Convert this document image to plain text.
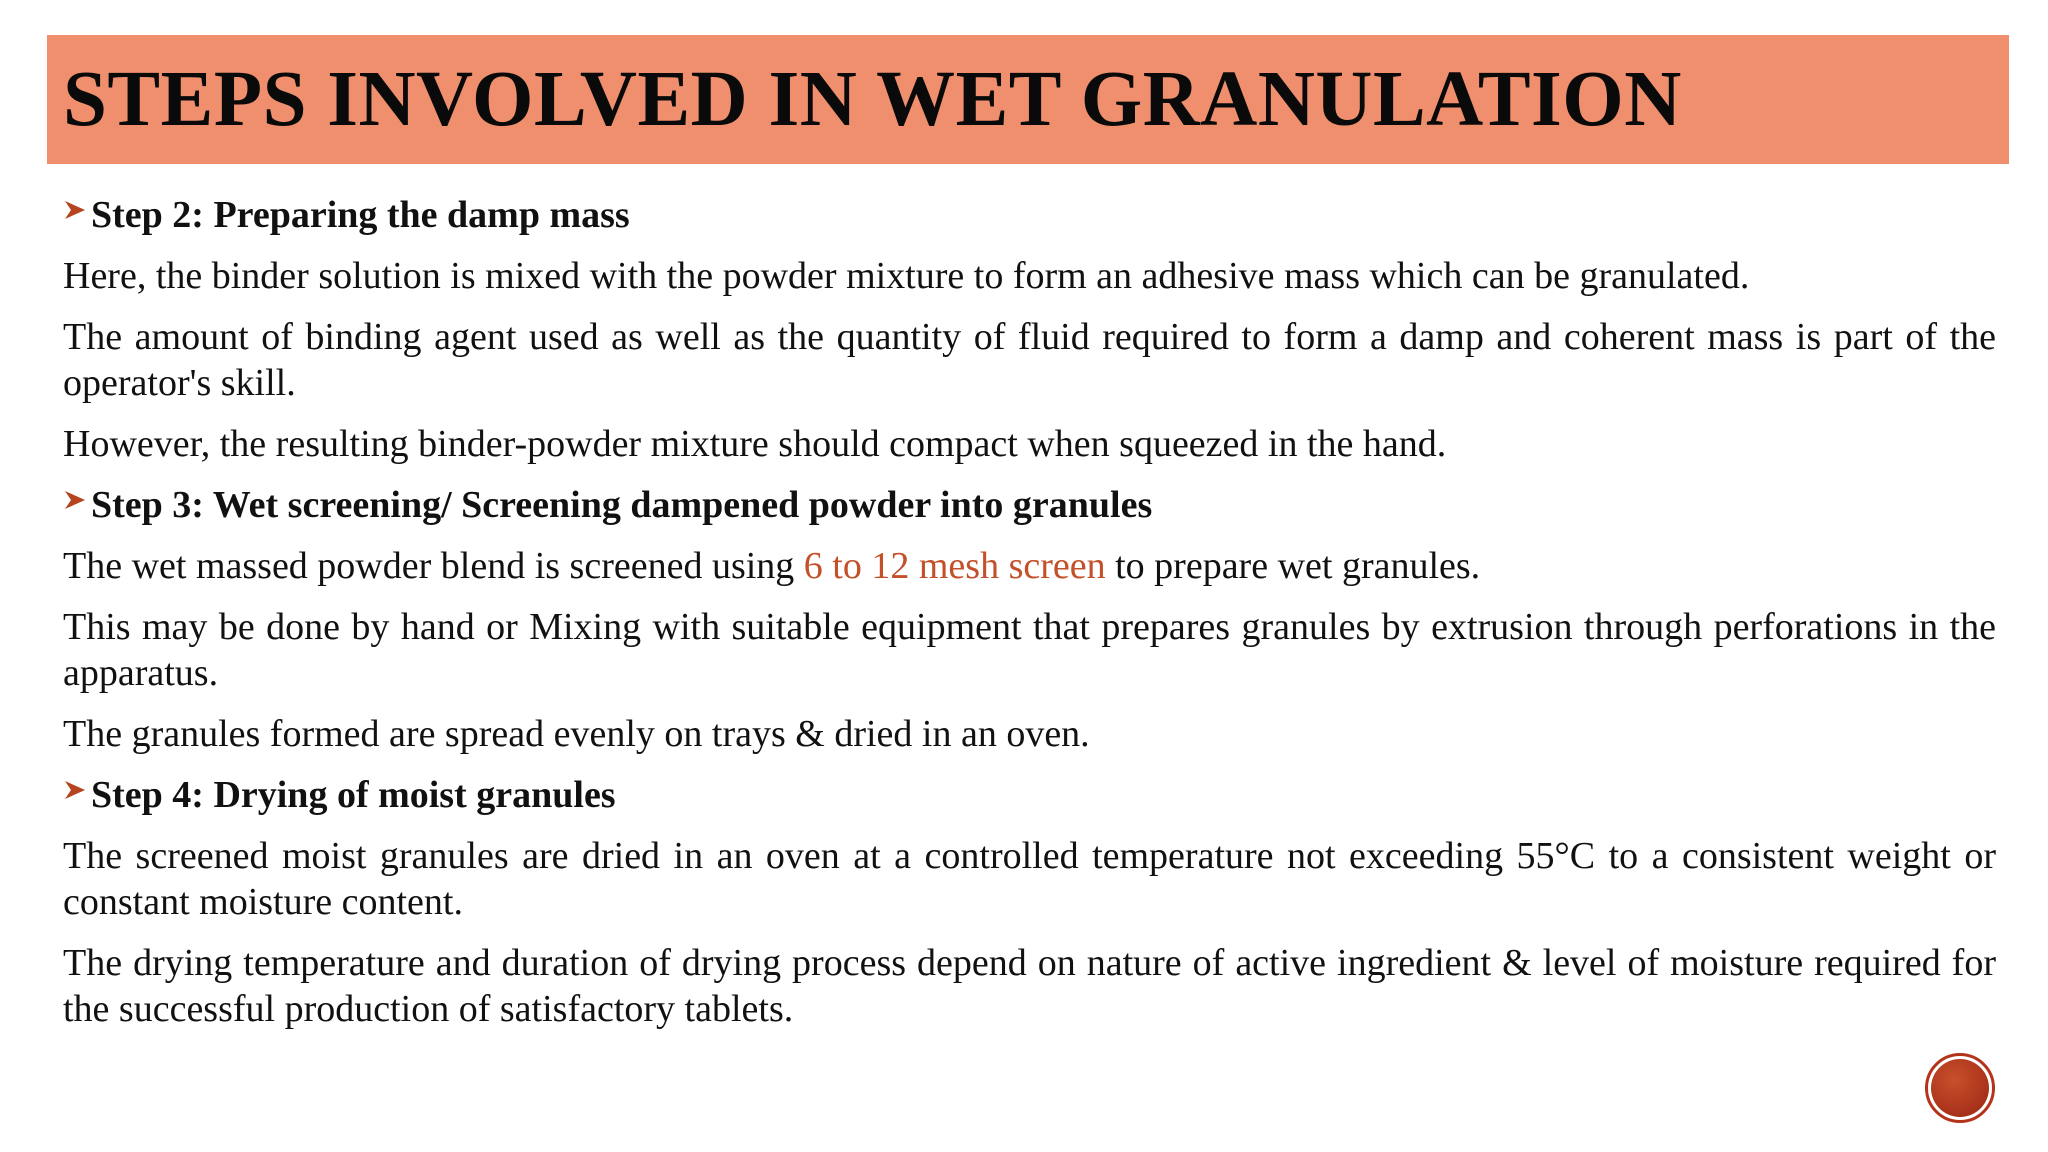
STEPS INVOLVED IN WET GRANULATION
Step 2: Preparing the damp mass

Here, the binder solution is mixed with the powder mixture to form an adhesive mass which can be granulated.

The amount of binding agent used as well as the quantity of fluid required to form a damp and coherent mass is part of the operator's skill.

However, the resulting binder-powder mixture should compact when squeezed in the hand.

Step 3: Wet screening/ Screening dampened powder into granules

The wet massed powder blend is screened using 6 to 12 mesh screen to prepare wet granules.

This may be done by hand or Mixing with suitable equipment that prepares granules by extrusion through perforations in the apparatus.

The granules formed are spread evenly on trays & dried in an oven.

Step 4: Drying of moist granules

The screened moist granules are dried in an oven at a controlled temperature not exceeding 55°C to a consistent weight or constant moisture content.

The drying temperature and duration of drying process depend on nature of active ingredient & level of moisture required for the successful production of satisfactory tablets.
